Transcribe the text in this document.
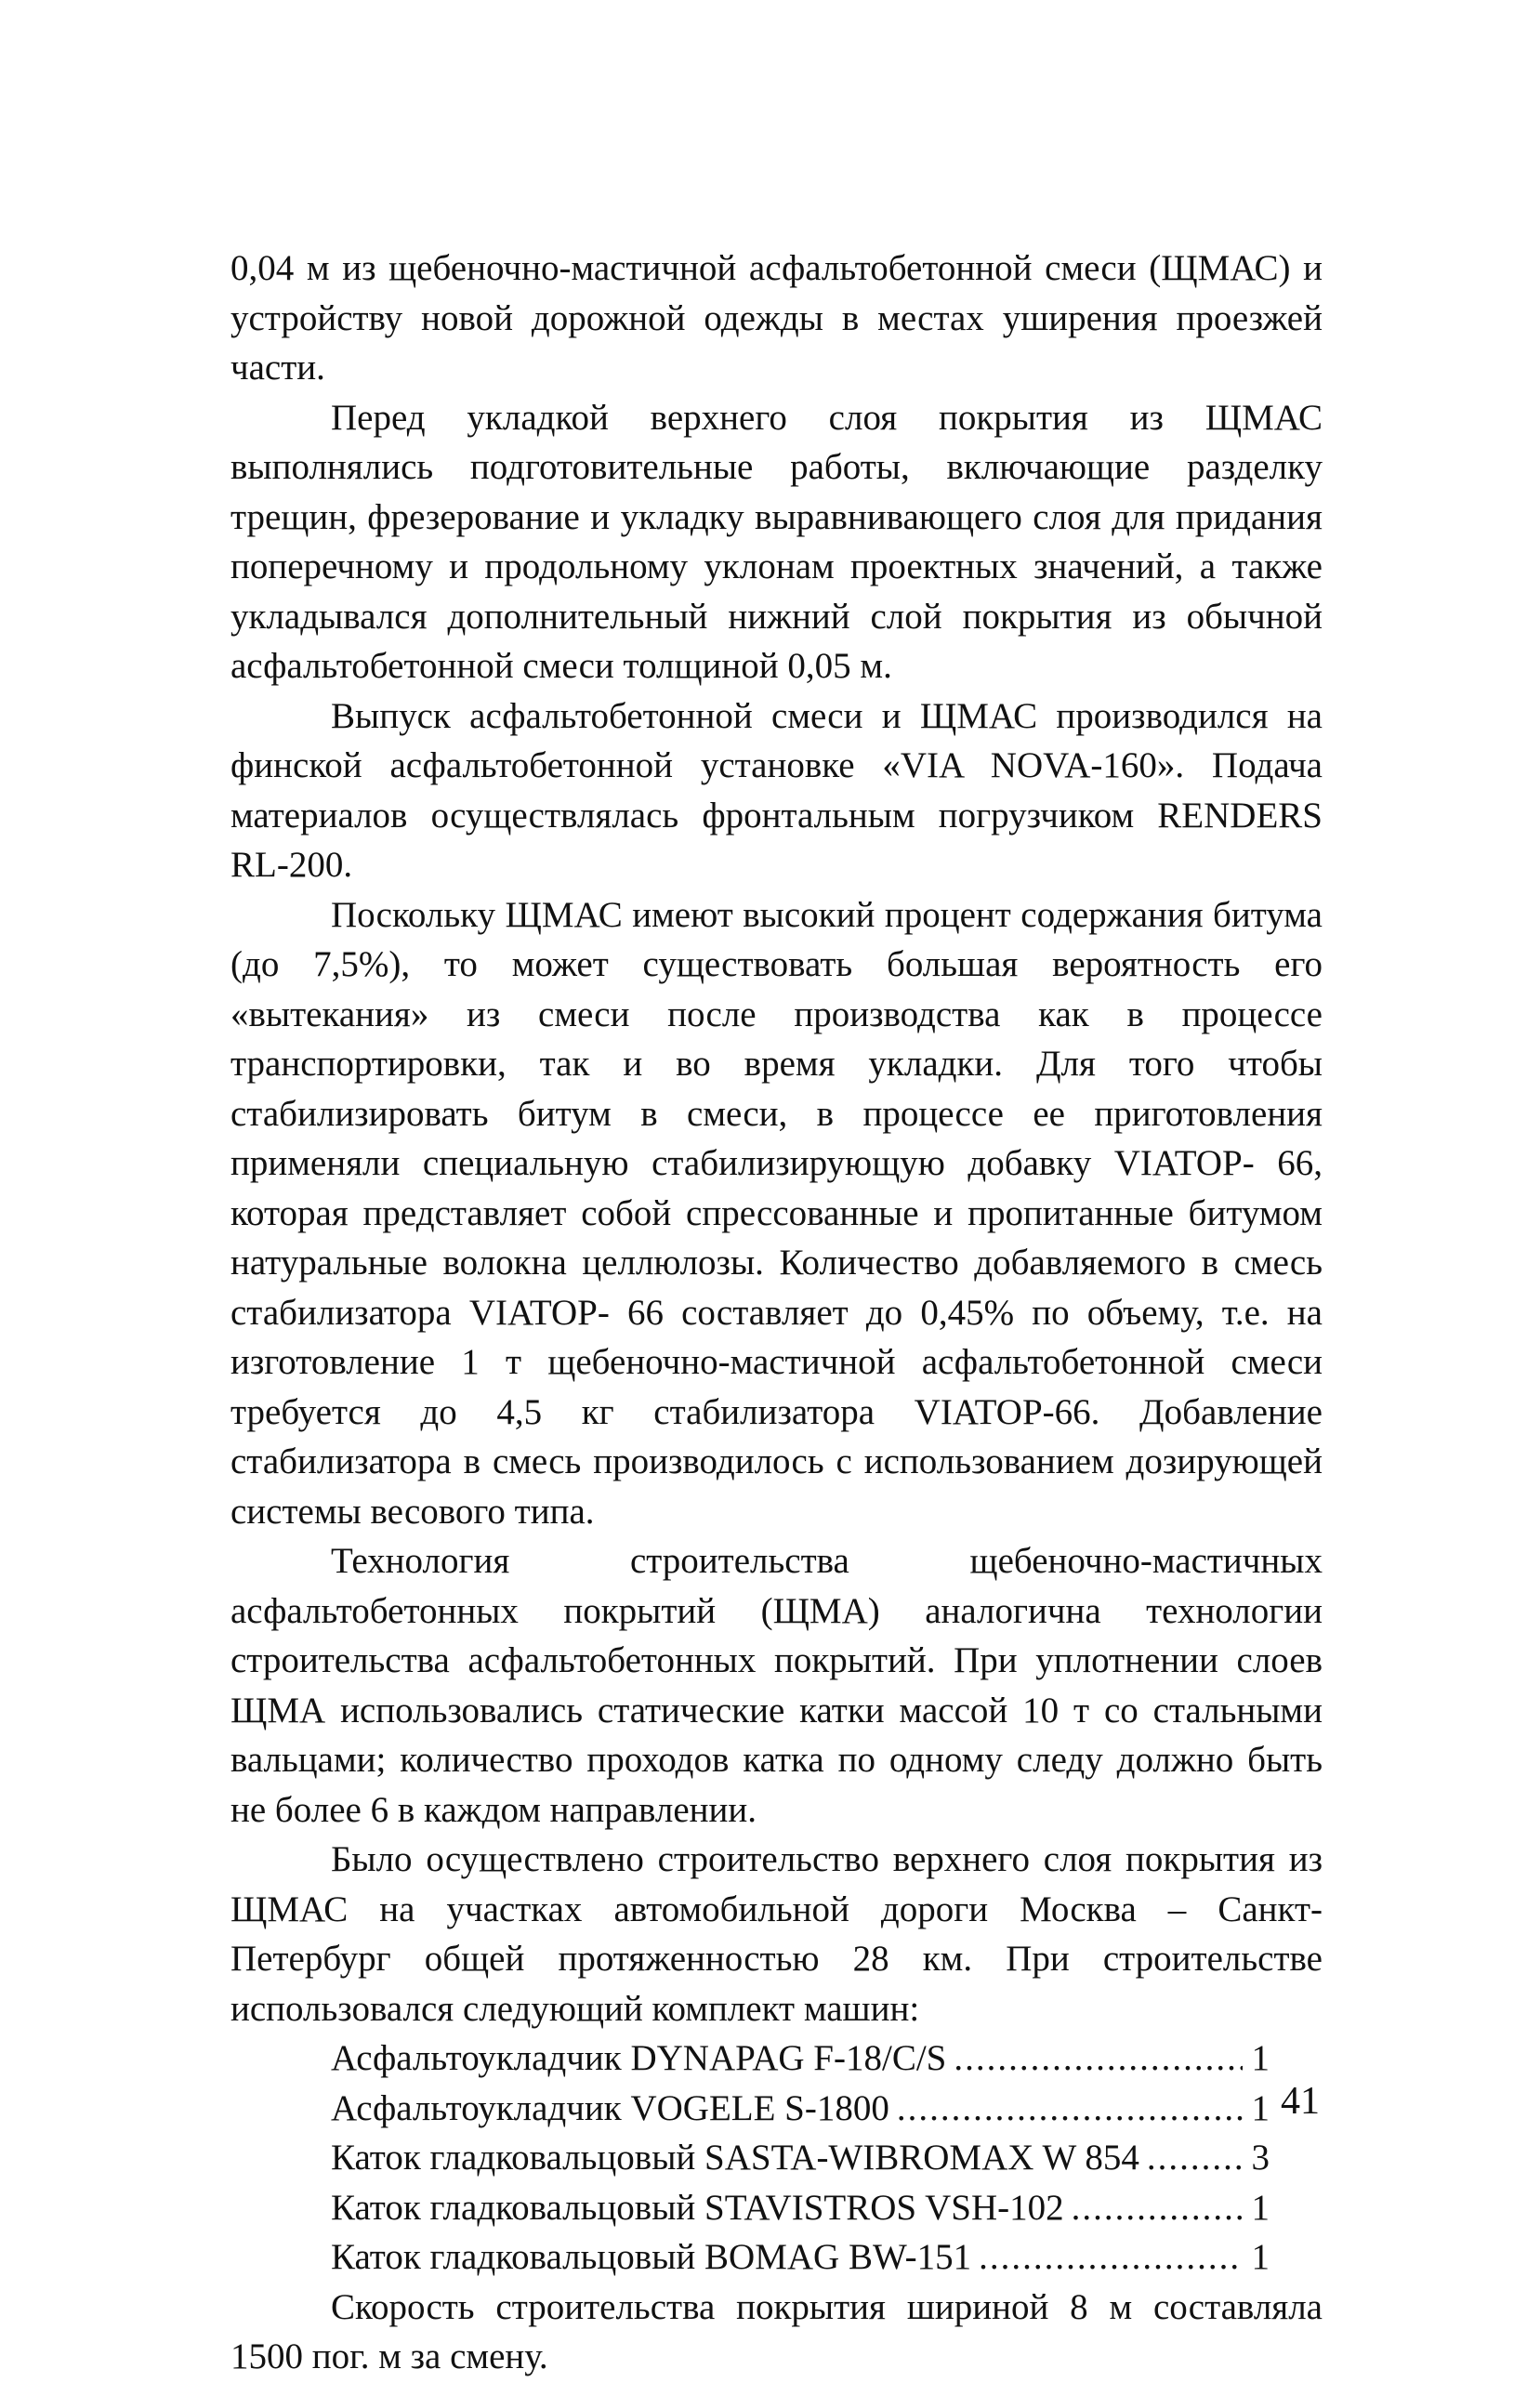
0,04 м из щебеночно-мастичной асфальтобетонной смеси (ЩМАС) и устройству новой дорожной одежды в местах уширения проезжей части.

Перед укладкой верхнего слоя покрытия из ЩМАС выполнялись подготовительные работы, включающие разделку трещин, фрезерование и укладку выравнивающего слоя для придания поперечному и продольному уклонам проектных значений, а также укладывался дополнительный нижний слой покрытия из обычной асфальтобетонной смеси толщиной 0,05 м.

Выпуск асфальтобетонной смеси и ЩМАС производился на финской асфальтобетонной установке «VIA NOVA-160». Подача материалов осуществлялась фронтальным погрузчиком RENDERS RL-200.

Поскольку ЩМАС имеют высокий процент содержания битума (до 7,5%), то может существовать большая вероятность его «вытекания» из смеси после производства как в процессе транспортировки, так и во время укладки. Для того чтобы стабилизировать битум в смеси, в процессе ее приготовления применяли специальную стабилизирующую добавку VIATOP- 66, которая представляет собой спрессованные и пропитанные битумом натуральные волокна целлюлозы. Количество добавляемого в смесь стабилизатора VIATOP- 66 составляет до 0,45% по объему, т.е. на изготовление 1 т щебеночно-мастичной асфальтобетонной смеси требуется до 4,5 кг стабилизатора VIATOP-66. Добавление стабилизатора в смесь производилось с использованием дозирующей системы весового типа.

Технология строительства щебеночно-мастичных асфальтобетонных покрытий (ЩМА) аналогична технологии строительства асфальтобетонных покрытий. При уплотнении слоев ЩМА использовались статические катки массой 10 т со стальными вальцами; количество проходов катка по одному следу должно быть не более 6 в каждом направлении.

Было осуществлено строительство верхнего слоя покрытия из ЩМАС на участках автомобильной дороги Москва – Санкт-Петербург общей протяженностью 28 км. При строительстве использовался следующий комплект машин:

Асфальтоукладчик DYNAPAG F-18/C/S .....	1
Асфальтоукладчик VOGELE S-1800 .....	1
Каток гладковальцовый SASTA-WIBROMAX W 854 .....	3
Каток гладковальцовый STAVISTROS VSH-102 .....	1
Каток гладковальцовый BOMAG BW-151 .....	1

Скорость строительства покрытия шириной 8 м составляла 1500 пог. м за смену.

41
